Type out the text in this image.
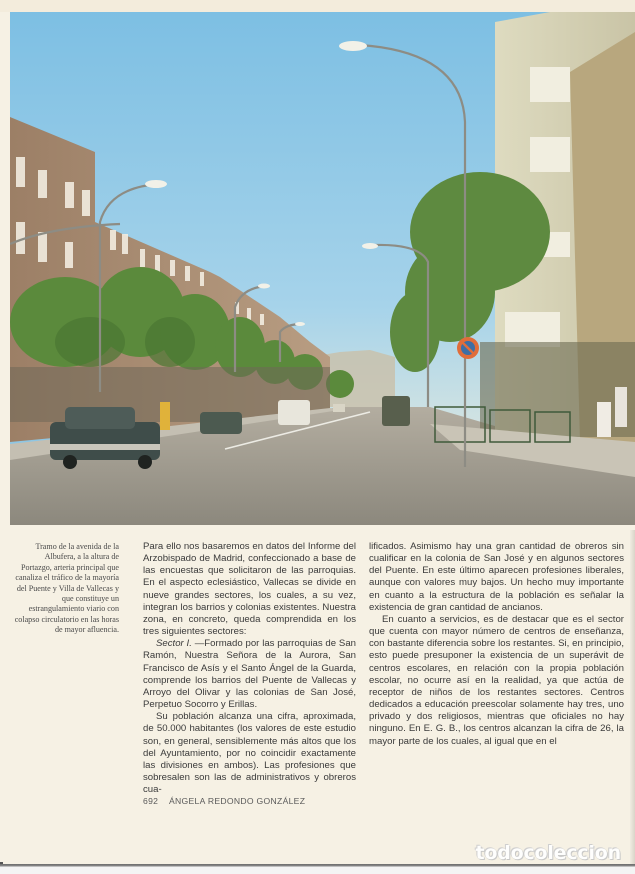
Tramo de la avenida de la Albufera, a la altura de Portazgo, arteria principal que canaliza el tráfico de la mayoría del Puente y Villa de Vallecas y que constituye un estrangulamiento viario con colapso circulatorio en las horas de mayor afluencia.

Para ello nos basaremos en datos del Informe del Arzobispado de Madrid, confeccionado a base de las encuestas que solicitaron de las parroquias. En el aspecto eclesiástico, Vallecas se divide en nueve grandes sectores, los cuales, a su vez, integran los barrios y colonias existentes. Nuestra zona, en concreto, queda comprendida en los tres siguientes sectores:

Sector I. —Formado por las parroquias de San Ramón, Nuestra Señora de la Aurora, San Francisco de Asís y el Santo Ángel de la Guarda, comprende los barrios del Puente de Vallecas y Arroyo del Olivar y las colonias de San José, Perpetuo Socorro y Erillas.

Su población alcanza una cifra, aproximada, de 50.000 habitantes (los valores de este estudio son, en general, sensiblemente más altos que los del Ayuntamiento, por no coincidir exactamente las divisiones en ambos). Las profesiones que sobresalen son las de administrativos y obreros cua-

lificados. Asimismo hay una gran cantidad de obreros sin cualificar en la colonia de San José y en algunos sectores del Puente. En este último aparecen profesiones liberales, aunque con valores muy bajos. Un hecho muy importante en cuanto a la estructura de la población es señalar la existencia de gran cantidad de ancianos.

En cuanto a servicios, es de destacar que es el sector que cuenta con mayor número de centros de enseñanza, con bastante diferencia sobre los restantes. Si, en principio, esto puede presuponer la existencia de un superávit de centros escolares, en relación con la propia población escolar, no ocurre así en la realidad, ya que actúa de receptor de niños de los restantes sectores. Centros dedicados a educación preescolar solamente hay tres, uno privado y dos religiosos, mientras que oficiales no hay ninguno. En E. G. B., los centros alcanzan la cifra de 26, la mayor parte de los cuales, al igual que en el

692 ÁNGELA REDONDO GONZÁLEZ
todocoleccion
